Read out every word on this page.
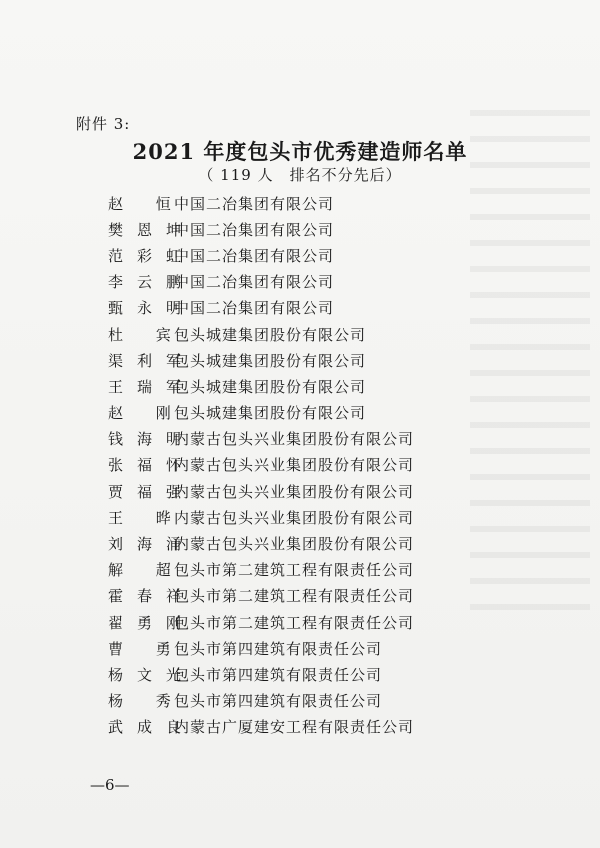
附件 3:
2021 年度包头市优秀建造师名单
（ 119 人　排名不分先后）
赵 恒
中国二冶集团有限公司
樊恩坤
中国二冶集团有限公司
范彩虹
中国二冶集团有限公司
李云鹏
中国二冶集团有限公司
甄永明
中国二冶集团有限公司
杜 宾
包头城建集团股份有限公司
渠利军
包头城建集团股份有限公司
王瑞军
包头城建集团股份有限公司
赵 刚
包头城建集团股份有限公司
钱海明
内蒙古包头兴业集团股份有限公司
张福怀
内蒙古包头兴业集团股份有限公司
贾福强
内蒙古包头兴业集团股份有限公司
王 晔
内蒙古包头兴业集团股份有限公司
刘海涌
内蒙古包头兴业集团股份有限公司
解 超
包头市第二建筑工程有限责任公司
霍春祥
包头市第二建筑工程有限责任公司
翟勇刚
包头市第二建筑工程有限责任公司
曹 勇
包头市第四建筑有限责任公司
杨文光
包头市第四建筑有限责任公司
杨 秀
包头市第四建筑有限责任公司
武成良
内蒙古广厦建安工程有限责任公司
—6—
